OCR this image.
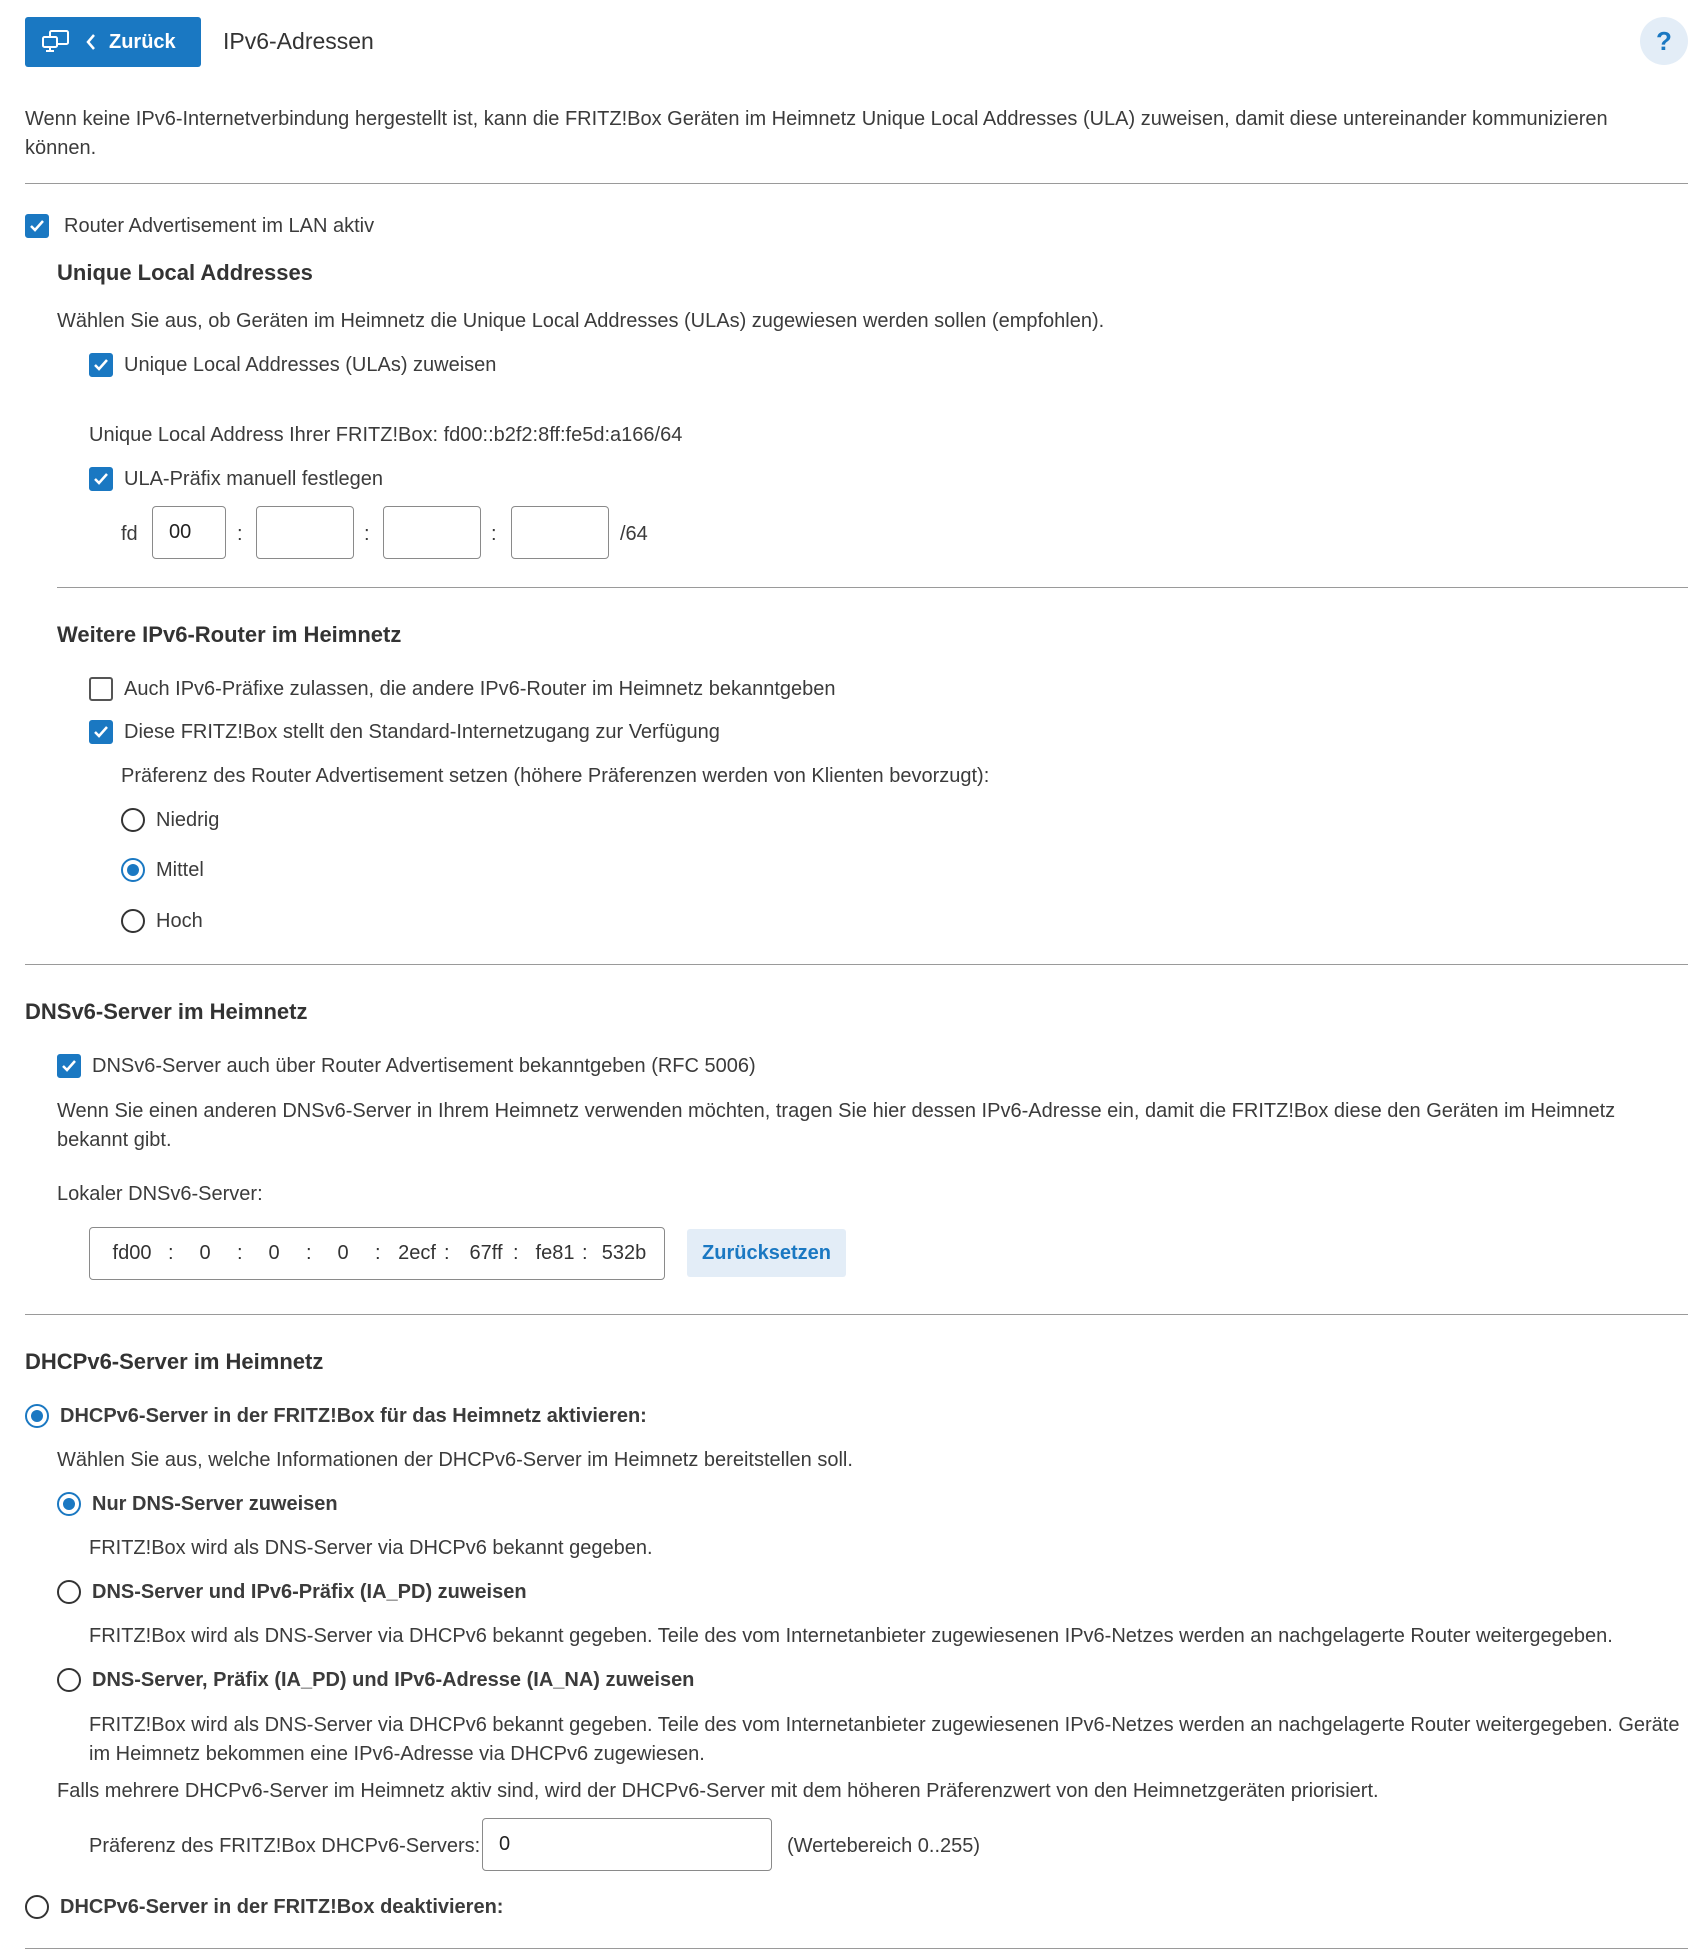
Zurück IPv6-Adressen	?
Wenn keine IPv6-Internetverbindung hergestellt ist, kann die FRITZ!Box Geräten im Heimnetz Unique Local Addresses (ULA) zuweisen, damit diese untereinander kommunizieren können.
Router Advertisement im LAN aktiv
Unique Local Addresses
Wählen Sie aus, ob Geräten im Heimnetz die Unique Local Addresses (ULAs) zugewiesen werden sollen (empfohlen).
Unique Local Addresses (ULAs) zuweisen
Unique Local Address Ihrer FRITZ!Box: fd00::b2f2:8ff:fe5d:a166/64
ULA-Präfix manuell festlegen
fd
00	:	:	:	/64
Weitere IPv6-Router im Heimnetz
Auch IPv6-Präfixe zulassen, die andere IPv6-Router im Heimnetz bekanntgeben
Diese FRITZ!Box stellt den Standard-Internetzugang zur Verfügung
Präferenz des Router Advertisement setzen (höhere Präferenzen werden von Klienten bevorzugt):
Niedrig
Mittel
Hoch
DNSv6-Server im Heimnetz
DNSv6-Server auch über Router Advertisement bekanntgeben (RFC 5006)
Wenn Sie einen anderen DNSv6-Server in Ihrem Heimnetz verwenden möchten, tragen Sie hier dessen IPv6-Adresse ein, damit die FRITZ!Box diese den Geräten im Heimnetz bekannt gibt.
Lokaler DNSv6-Server:
fd00 :	0	:	0	:	0	: 2ecf : 67ff : fe81 : 532b	Zurücksetzen
DHCPv6-Server im Heimnetz
DHCPv6-Server in der FRITZ!Box für das Heimnetz aktivieren:
Wählen Sie aus, welche Informationen der DHCPv6-Server im Heimnetz bereitstellen soll.
Nur DNS-Server zuweisen
FRITZ!Box wird als DNS-Server via DHCPv6 bekannt gegeben.
DNS-Server und IPv6-Präfix (IA_PD) zuweisen
FRITZ!Box wird als DNS-Server via DHCPv6 bekannt gegeben. Teile des vom Internetanbieter zugewiesenen IPv6-Netzes werden an nachgelagerte Router weitergegeben.
DNS-Server, Präfix (IA_PD) und IPv6-Adresse (IA_NA) zuweisen
FRITZ!Box wird als DNS-Server via DHCPv6 bekannt gegeben. Teile des vom Internetanbieter zugewiesenen IPv6-Netzes werden an nachgelagerte Router weitergegeben. Geräte im Heimnetz bekommen eine IPv6-Adresse via DHCPv6 zugewiesen.
Falls mehrere DHCPv6-Server im Heimnetz aktiv sind, wird der DHCPv6-Server mit dem höheren Präferenzwert von den Heimnetzgeräten priorisiert.
Präferenz des FRITZ!Box DHCPv6-Servers:
0	(Wertebereich 0..255)
DHCPv6-Server in der FRITZ!Box deaktivieren:
